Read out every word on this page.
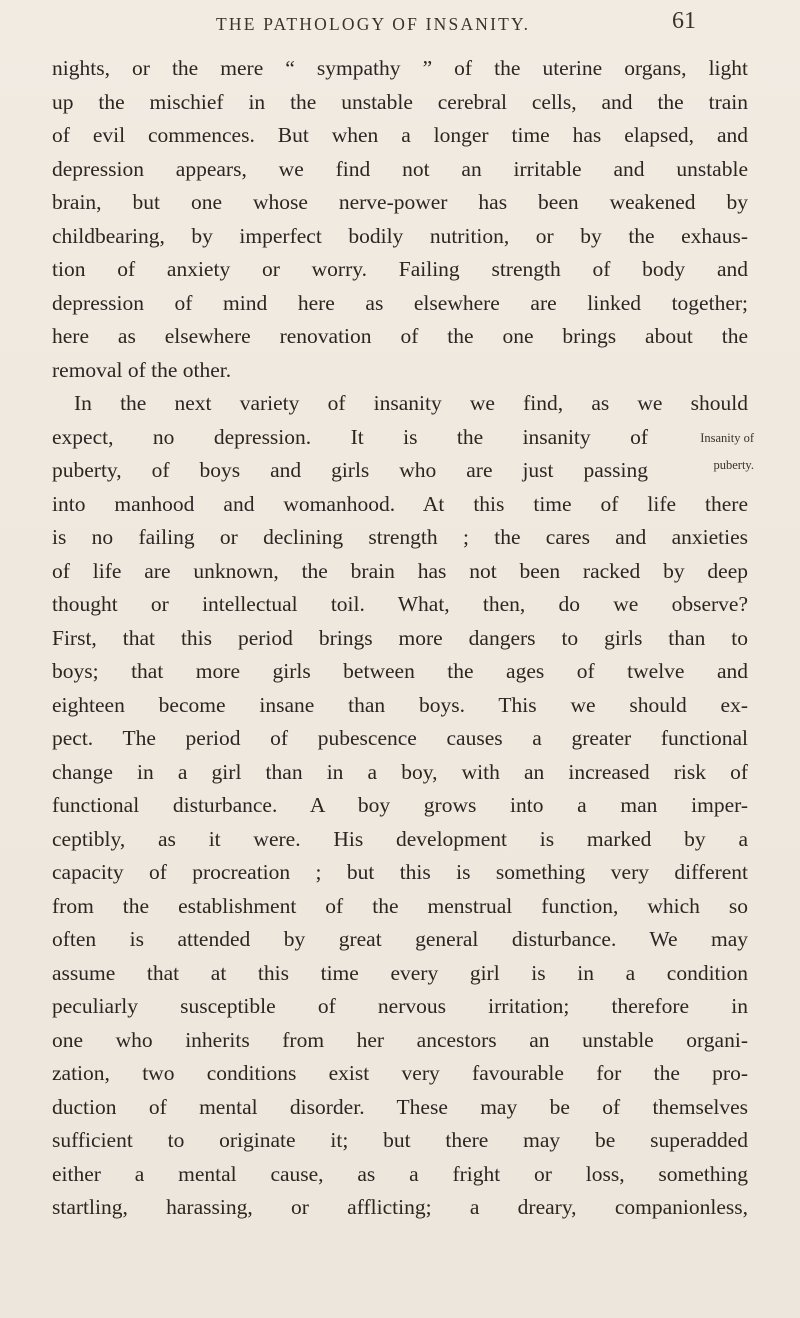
THE PATHOLOGY OF INSANITY.	61
nights, or the mere “ sympathy ” of the uterine organs, light
up the mischief in the unstable cerebral cells, and the train
of evil commences. But when a longer time has elapsed, and
depression appears, we find not an irritable and unstable
brain, but one whose nerve-power has been weakened by
childbearing, by imperfect bodily nutrition, or by the exhaus-
tion of anxiety or worry. Failing strength of body and
depression of mind here as elsewhere are linked together;
here as elsewhere renovation of the one brings about the
removal of the other.
In the next variety of insanity we find, as we should
expect, no depression. It is the insanity of	Insanity of
puberty, of boys and girls who are just passing	puberty.
into manhood and womanhood. At this time of life there
is no failing or declining strength ; the cares and anxieties
of life are unknown, the brain has not been racked by deep
thought or intellectual toil. What, then, do we observe?
First, that this period brings more dangers to girls than to
boys; that more girls between the ages of twelve and
eighteen become insane than boys. This we should ex-
pect. The period of pubescence causes a greater functional
change in a girl than in a boy, with an increased risk of
functional disturbance. A boy grows into a man imper-
ceptibly, as it were. His development is marked by a
capacity of procreation ; but this is something very different
from the establishment of the menstrual function, which so
often is attended by great general disturbance. We may
assume that at this time every girl is in a condition
peculiarly susceptible of nervous irritation; therefore in
one who inherits from her ancestors an unstable organi-
zation, two conditions exist very favourable for the pro-
duction of mental disorder. These may be of themselves
sufficient to originate it; but there may be superadded
either a mental cause, as a fright or loss, something
startling, harassing, or afflicting; a dreary, companionless,
